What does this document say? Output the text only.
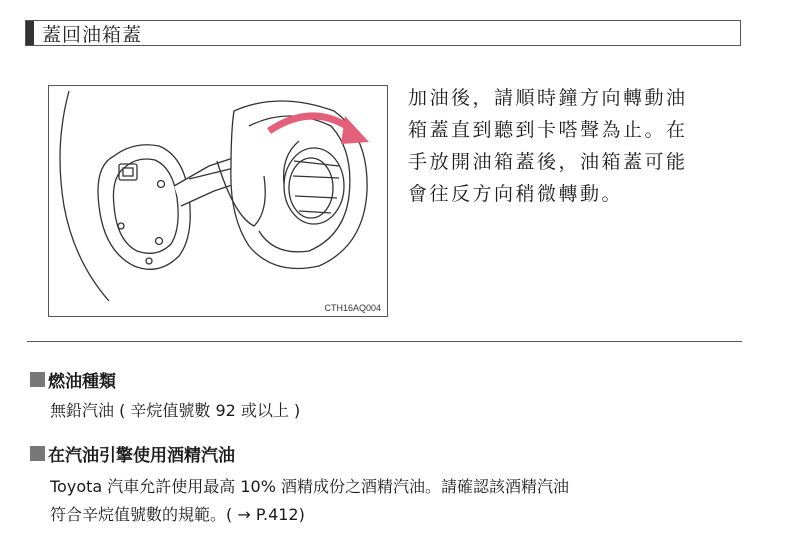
蓋回油箱蓋
CTH16AQ004
加油後，請順時鐘方向轉動油
箱蓋直到聽到卡嗒聲為止。在
手放開油箱蓋後，油箱蓋可能
會往反方向稍微轉動。
燃油種類
無鉛汽油 ( 辛烷值號數 92 或以上 )
在汽油引擎使用酒精汽油
Toyota 汽車允許使用最高 10% 酒精成份之酒精汽油。請確認該酒精汽油
符合辛烷值號數的規範。( → P.412)
